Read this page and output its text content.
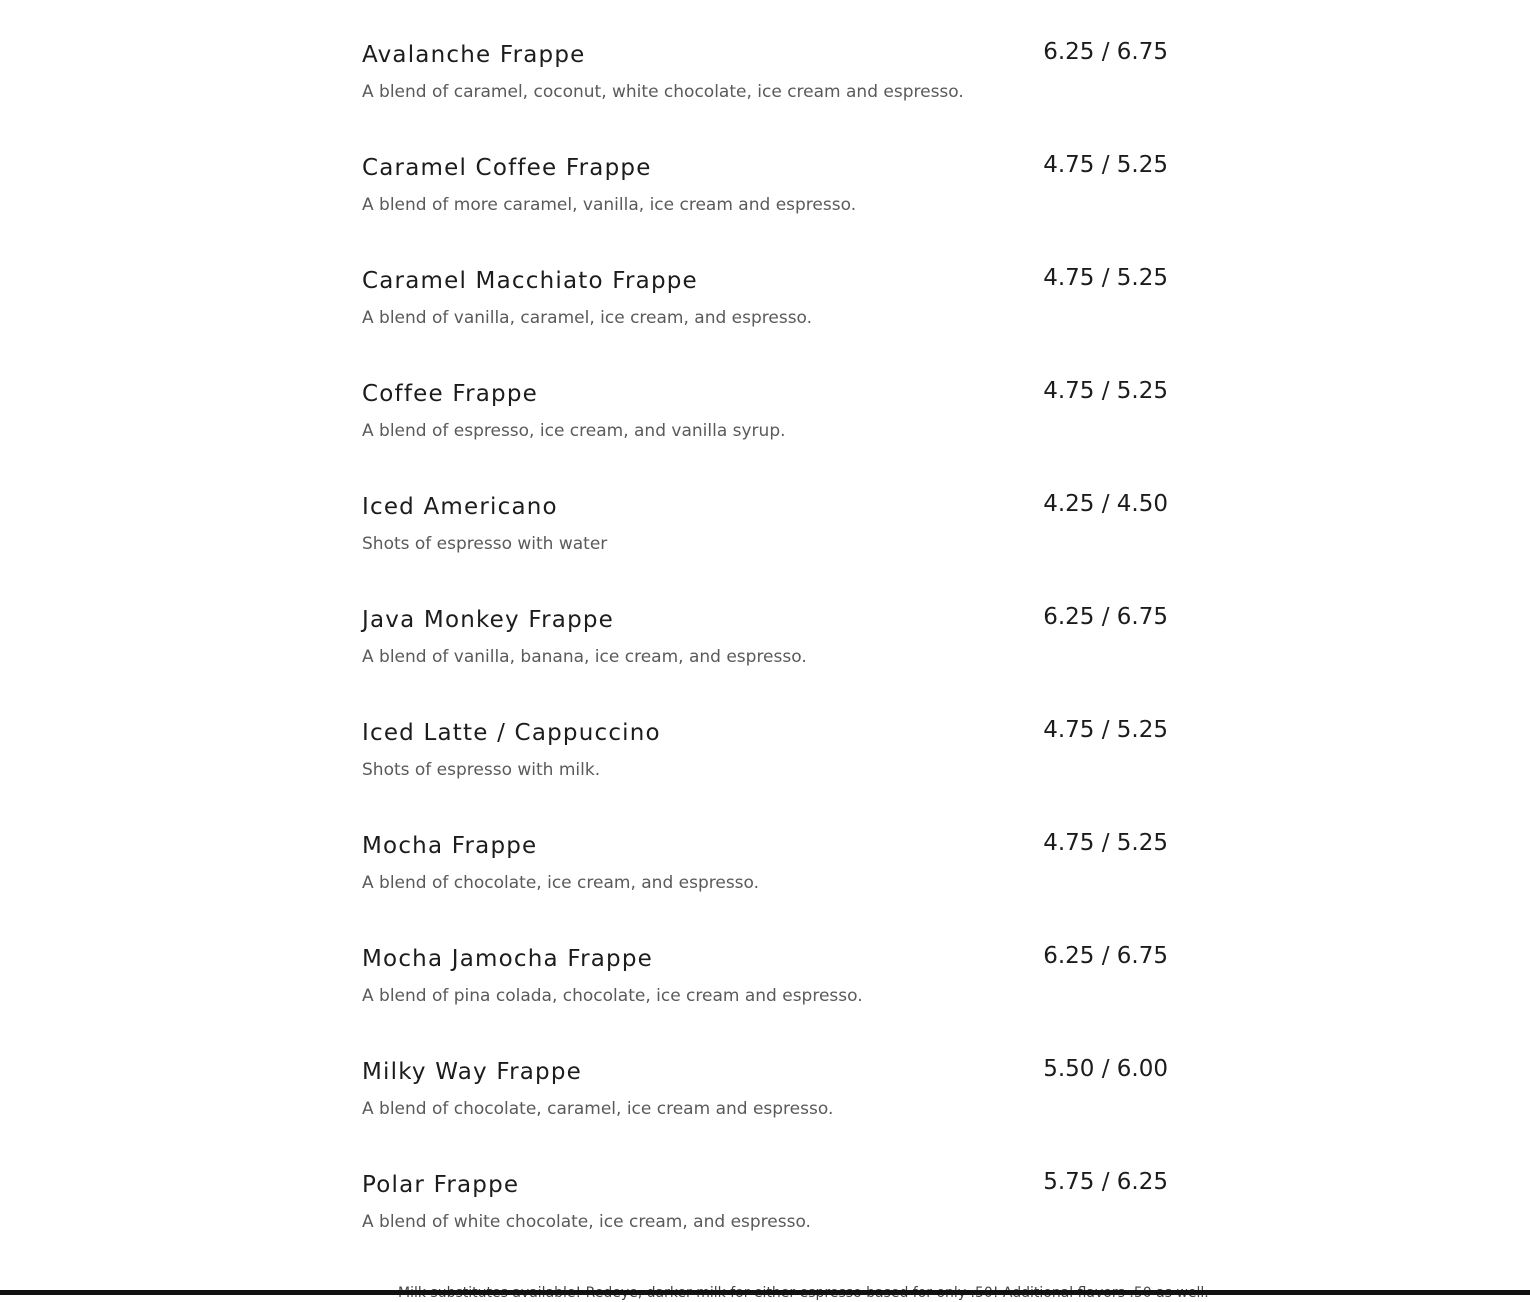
Avalanche Frappe
A blend of caramel, coconut, white chocolate, ice cream and espresso.
6.25 / 6.75
Caramel Coffee Frappe
A blend of more caramel, vanilla, ice cream and espresso.
4.75 / 5.25
Caramel Macchiato Frappe
A blend of vanilla, caramel, ice cream, and espresso.
4.75 / 5.25
Coffee Frappe
A blend of espresso, ice cream, and vanilla syrup.
4.75 / 5.25
Iced Americano
Shots of espresso with water
4.25 / 4.50
Java Monkey Frappe
A blend of vanilla, banana, ice cream, and espresso.
6.25 / 6.75
Iced Latte / Cappuccino
Shots of espresso with milk.
4.75 / 5.25
Mocha Frappe
A blend of chocolate, ice cream, and espresso.
4.75 / 5.25
Mocha Jamocha Frappe
A blend of pina colada, chocolate, ice cream and espresso.
6.25 / 6.75
Milky Way Frappe
A blend of chocolate, caramel, ice cream and espresso.
5.50 / 6.00
Polar Frappe
A blend of white chocolate, ice cream, and espresso.
5.75 / 6.25
